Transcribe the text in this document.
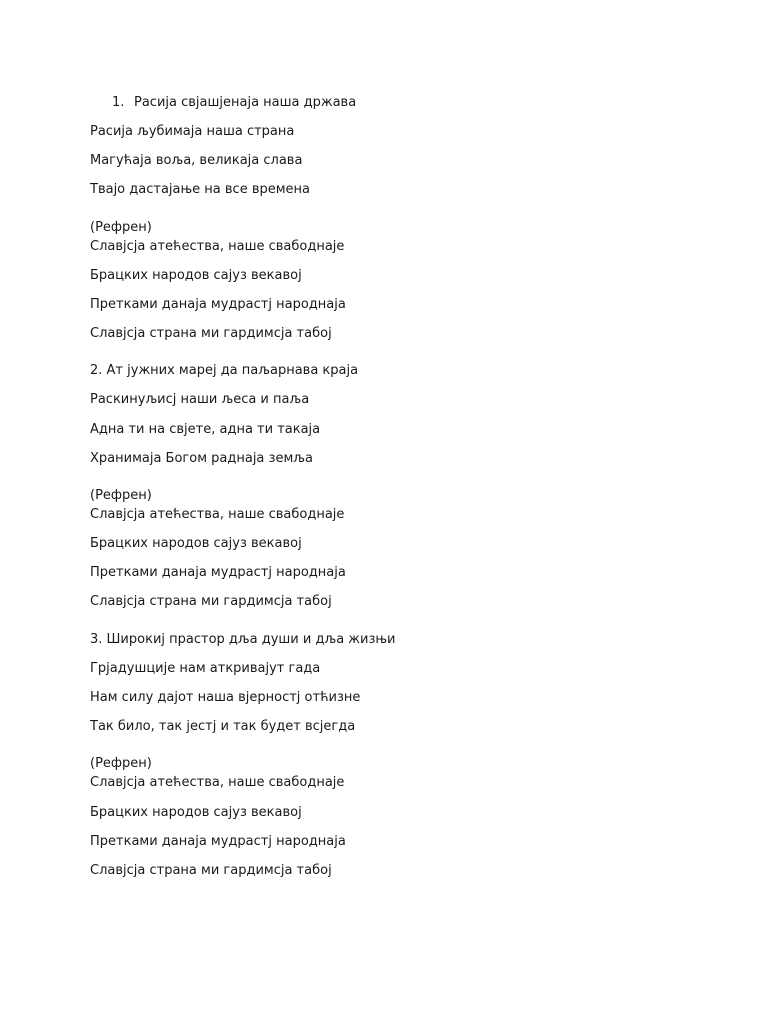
1. Расија свјашјенаја наша држава
Расија љубимаја наша страна
Магућаја воља, великаја слава
Тваjо дастајање на все времена
(Рефрен)
Славјсја атећества, наше свабоднаје
Брацких народов сајуз векавој
Претками данаја мудрастј народнаја
Славјсја страна ми гардимсја табој
2. Ат јужних марej да паљарнава краја
Раскинуљисј наши љеса и паља
Адна ти на свјете, адна ти такаја
Хранимаја Богом раднаја земља
(Рефрен)
Славјсја атећества, наше свабоднаје
Брацких народов сајуз векавој
Претками данаја мудрастј народнаја
Славјсја страна ми гардимсја табој
3. Широкиј прастор дља души и дља жизњи
Грјадушције нам аткривајут гада
Нам силу дајот наша вјерностј отћизне
Так било, так јестј и так будет всјегда
(Рефрен)
Славјсја атећества, наше свабоднаје
Брацких народов сајуз векавој
Претками данаја мудрастј народнаја
Славјсја страна ми гардимсја табој
